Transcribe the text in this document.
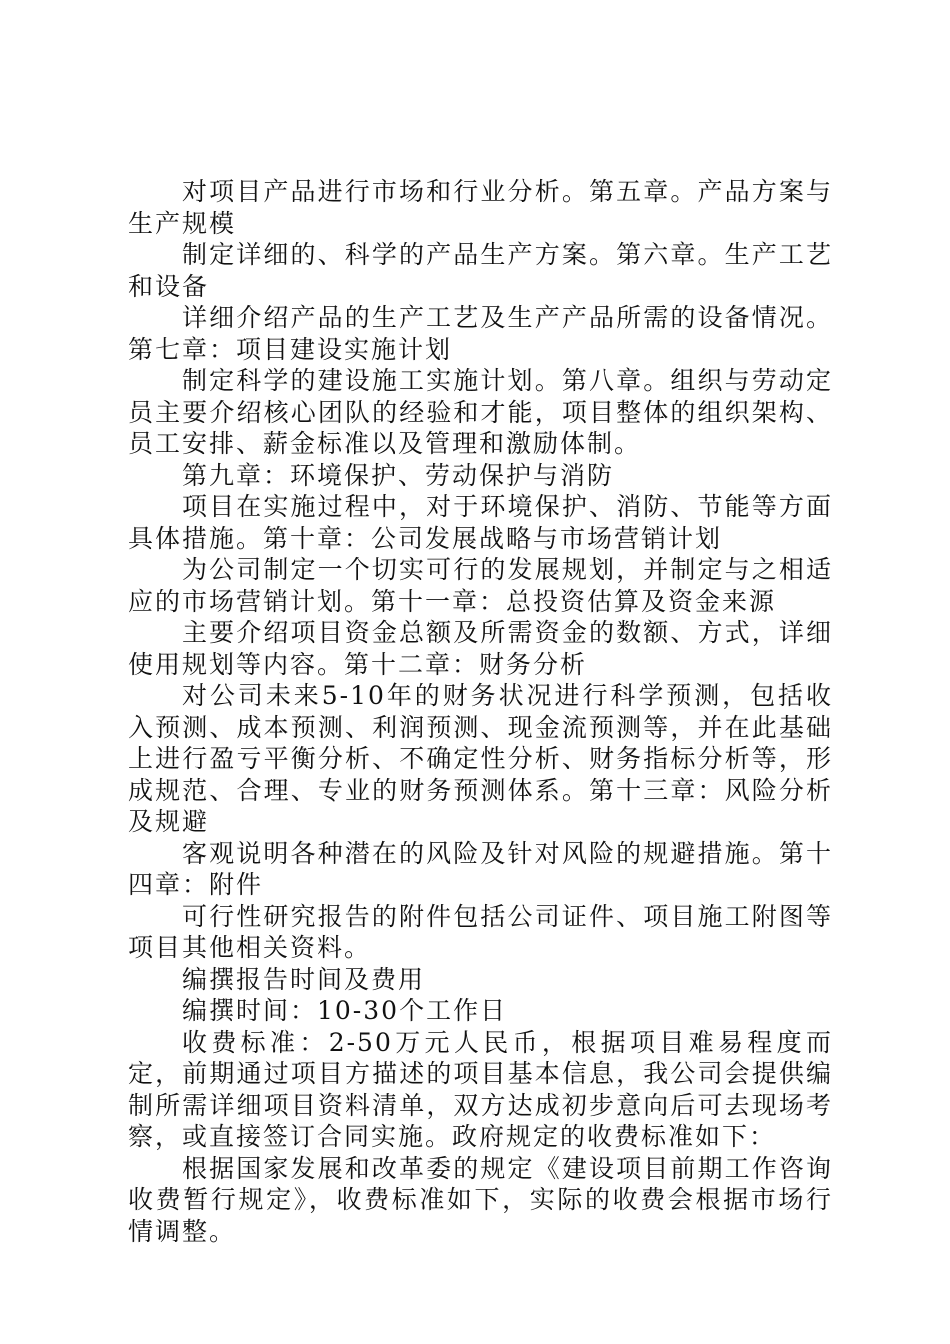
对项目产品进行市场和行业分析。第五章。产品方案与生产规模

制定详细的、科学的产品生产方案。第六章。生产工艺和设备

详细介绍产品的生产工艺及生产产品所需的设备情况。第七章：项目建设实施计划

制定科学的建设施工实施计划。第八章。组织与劳动定员主要介绍核心团队的经验和才能，项目整体的组织架构、员工安排、薪金标准以及管理和激励体制。

第九章：环境保护、劳动保护与消防

项目在实施过程中，对于环境保护、消防、节能等方面具体措施。第十章：公司发展战略与市场营销计划

为公司制定一个切实可行的发展规划，并制定与之相适应的市场营销计划。第十一章：总投资估算及资金来源

主要介绍项目资金总额及所需资金的数额、方式，详细使用规划等内容。第十二章：财务分析

对公司未来5-10年的财务状况进行科学预测，包括收入预测、成本预测、利润预测、现金流预测等，并在此基础上进行盈亏平衡分析、不确定性分析、财务指标分析等，形成规范、合理、专业的财务预测体系。第十三章：风险分析及规避

客观说明各种潜在的风险及针对风险的规避措施。第十四章：附件

可行性研究报告的附件包括公司证件、项目施工附图等项目其他相关资料。

编撰报告时间及费用

编撰时间：10-30个工作日

收费标准：2-50万元人民币，根据项目难易程度而定，前期通过项目方描述的项目基本信息，我公司会提供编制所需详细项目资料清单，双方达成初步意向后可去现场考察，或直接签订合同实施。政府规定的收费标准如下：

根据国家发展和改革委的规定《建设项目前期工作咨询收费暂行规定》，收费标准如下，实际的收费会根据市场行情调整。
